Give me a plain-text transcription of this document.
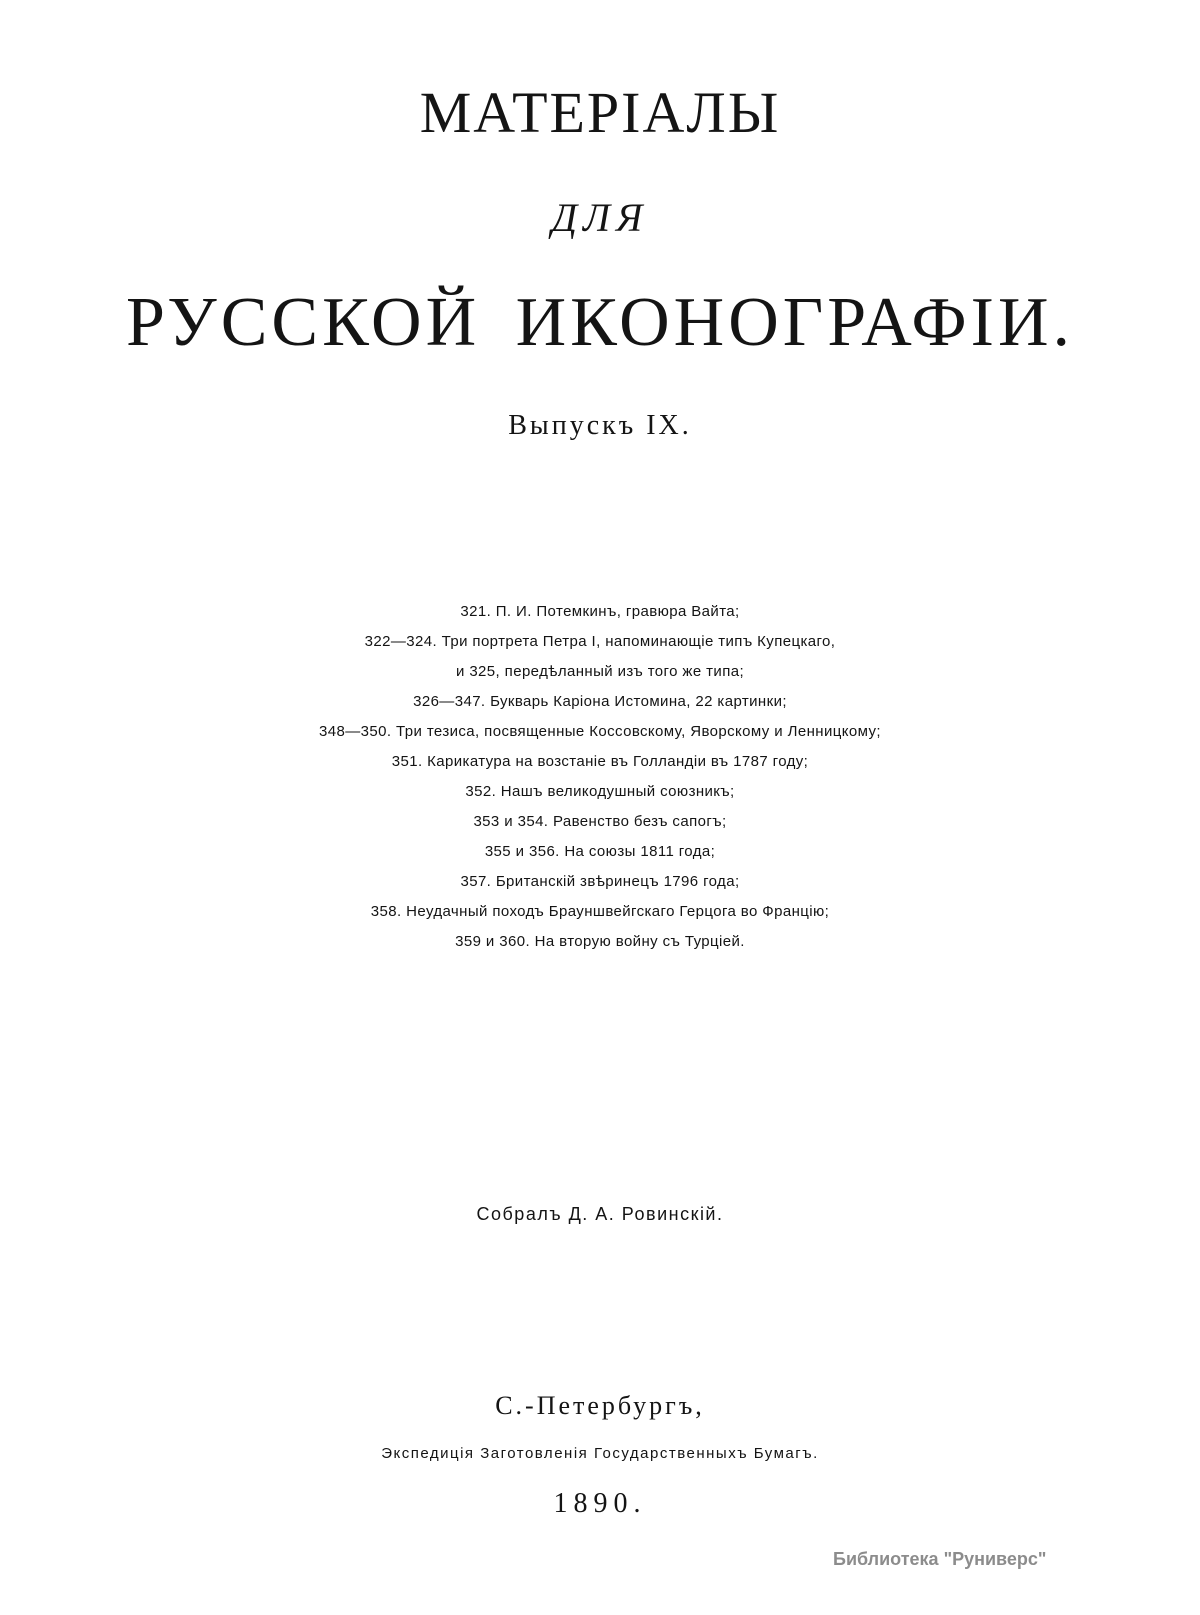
МАТЕРІАЛЫ
ДЛЯ
РУССКОЙ ИКОНОГРАФІИ.
Выпускъ IX.
321. П. И. Потемкинъ, гравюра Вайта;
322—324. Три портрета Петра I, напоминающіе типъ Купецкаго,
и 325, передѣланный изъ того же типа;
326—347. Букварь Каріона Истомина, 22 картинки;
348—350. Три тезиса, посвященные Коссовскому, Яворскому и Ленницкому;
351. Карикатура на возстаніе въ Голландіи въ 1787 году;
352. Нашъ великодушный союзникъ;
353 и 354. Равенство безъ сапогъ;
355 и 356. На союзы 1811 года;
357. Британскій звѣринецъ 1796 года;
358. Неудачный походъ Брауншвейгскаго Герцога во Францію;
359 и 360. На вторую войну съ Турціей.
Собралъ Д. А. Ровинскій.
С.-Петербургъ,
Экспедиція Заготовленія Государственныхъ Бумагъ.
1890.
Библиотека "Руниверс"
